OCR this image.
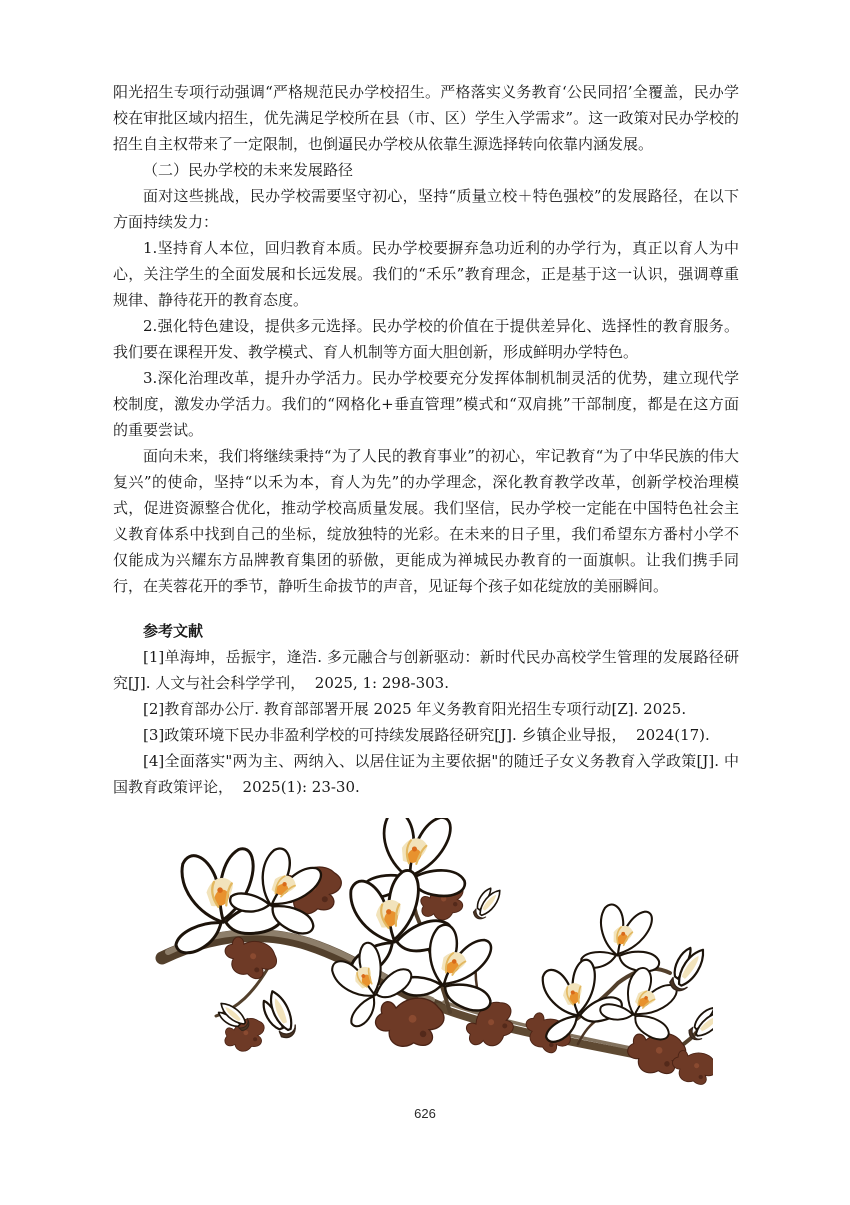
阳光招生专项行动强调“严格规范民办学校招生。严格落实义务教育‘公民同招’全覆盖，民办学校在审批区域内招生，优先满足学校所在县（市、区）学生入学需求”。这一政策对民办学校的招生自主权带来了一定限制，也倒逼民办学校从依靠生源选择转向依靠内涵发展。

（二）民办学校的未来发展路径

面对这些挑战，民办学校需要坚守初心，坚持“质量立校＋特色强校”的发展路径，在以下方面持续发力：

1.坚持育人本位，回归教育本质。民办学校要摒弃急功近利的办学行为，真正以育人为中心，关注学生的全面发展和长远发展。我们的“禾乐”教育理念，正是基于这一认识，强调尊重规律、静待花开的教育态度。

2.强化特色建设，提供多元选择。民办学校的价值在于提供差异化、选择性的教育服务。我们要在课程开发、教学模式、育人机制等方面大胆创新，形成鲜明办学特色。

3.深化治理改革，提升办学活力。民办学校要充分发挥体制机制灵活的优势，建立现代学校制度，激发办学活力。我们的“网格化+垂直管理”模式和“双肩挑”干部制度，都是在这方面的重要尝试。

面向未来，我们将继续秉持“为了人民的教育事业”的初心，牢记教育“为了中华民族的伟大复兴”的使命，坚持“以禾为本，育人为先”的办学理念，深化教育教学改革，创新学校治理模式，促进资源整合优化，推动学校高质量发展。我们坚信，民办学校一定能在中国特色社会主义教育体系中找到自己的坐标，绽放独特的光彩。在未来的日子里，我们希望东方番村小学不仅能成为兴耀东方品牌教育集团的骄傲，更能成为禅城民办教育的一面旗帜。让我们携手同行，在芙蓉花开的季节，静听生命拔节的声音，见证每个孩子如花绽放的美丽瞬间。

参考文献

[1]单海坤，岳振宇，逄浩. 多元融合与创新驱动：新时代民办高校学生管理的发展路径研究[J]. 人文与社会科学学刊，  2025, 1: 298-303.

[2]教育部办公厅. 教育部部署开展 2025 年义务教育阳光招生专项行动[Z]. 2025.

[3]政策环境下民办非盈利学校的可持续发展路径研究[J]. 乡镇企业导报，  2024(17).

[4]全面落实"两为主、两纳入、以居住证为主要依据"的随迁子女义务教育入学政策[J]. 中国教育政策评论，  2025(1): 23-30.

626
